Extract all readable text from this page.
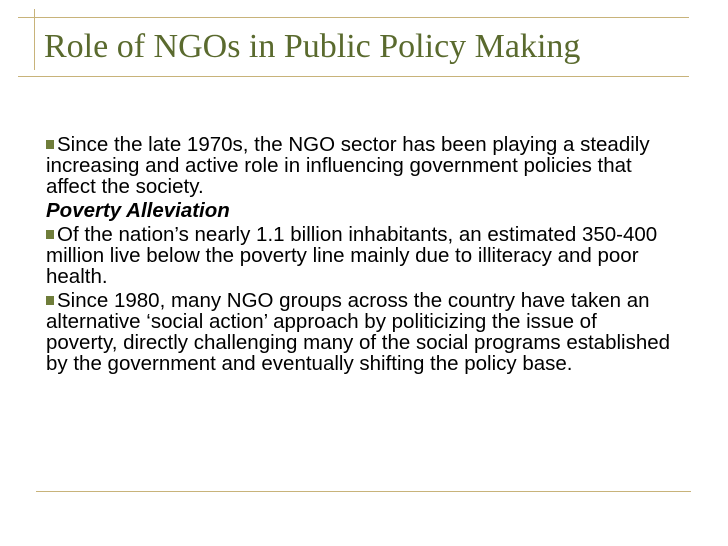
Role of NGOs in Public Policy Making

Since the late 1970s, the NGO sector has been playing a steadily increasing and active role in influencing government policies that affect the society.

Poverty Alleviation

Of the nation’s nearly 1.1 billion inhabitants, an estimated 350-400 million live below the poverty line mainly due to illiteracy and poor health.

Since 1980, many NGO groups across the country have taken an alternative ‘social action’ approach by politicizing the issue of poverty, directly challenging many of the social programs established by the government and eventually shifting the policy base.
